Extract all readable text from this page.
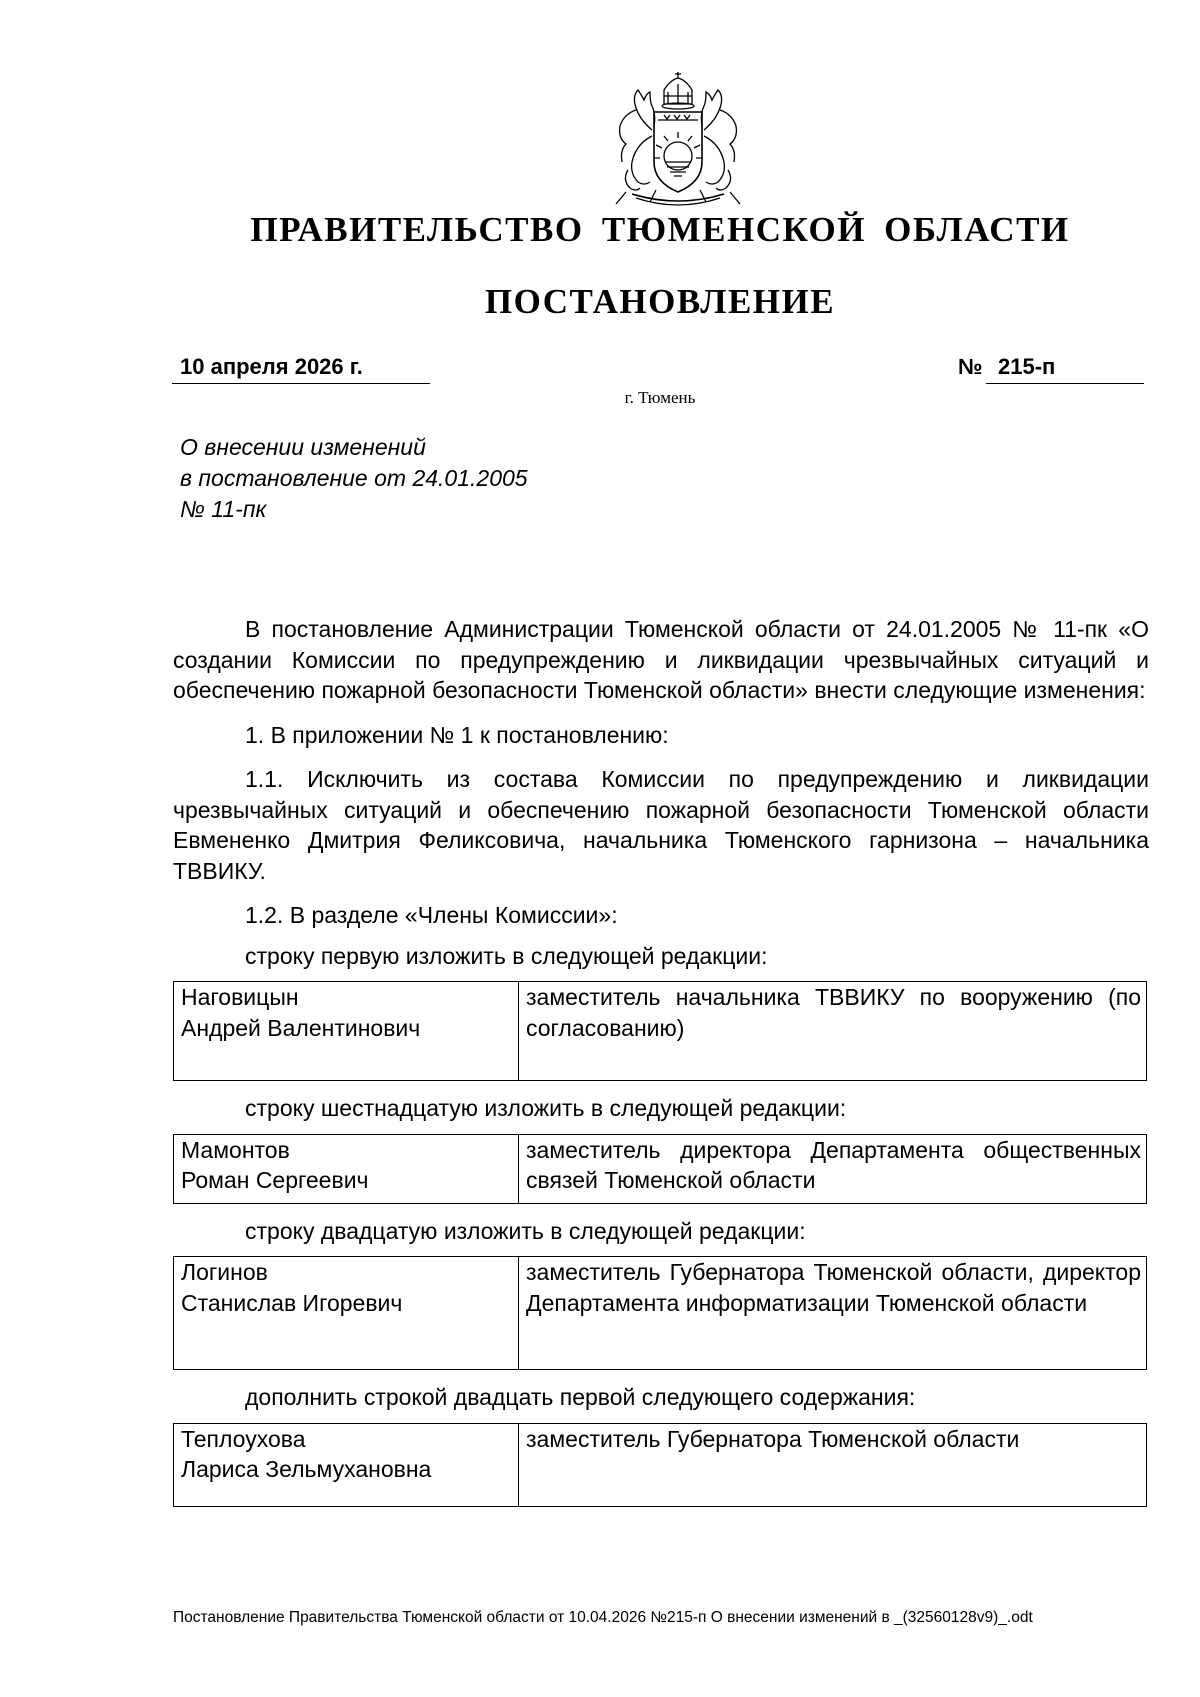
ПРАВИТЕЛЬСТВО ТЮМЕНСКОЙ ОБЛАСТИ
ПОСТАНОВЛЕНИЕ
10 апреля 2026 г.	№ 215-п
г. Тюмень
О внесении изменений
в постановление от 24.01.2005
№ 11-пк

В постановление Администрации Тюменской области от 24.01.2005 № 11-пк «О создании Комиссии по предупреждению и ликвидации чрезвычайных ситуаций и обеспечению пожарной безопасности Тюменской области» внести следующие изменения:

1. В приложении № 1 к постановлению:

1.1. Исключить из состава Комиссии по предупреждению и ликвидации чрезвычайных ситуаций и обеспечению пожарной безопасности Тюменской области Евмененко Дмитрия Феликсовича, начальника Тюменского гарнизона – начальника ТВВИКУ.

1.2. В разделе «Члены Комиссии»:

строку первую изложить в следующей редакции:

Наговицын
Андрей Валентинович
	заместитель начальника ТВВИКУ по вооружению (по согласованию)

строку шестнадцатую изложить в следующей редакции:

Мамонтов
Роман Сергеевич
	заместитель директора Департамента общественных связей Тюменской области

строку двадцатую изложить в следующей редакции:

Логинов
Станислав Игоревич
	заместитель Губернатора Тюменской области, директор Департамента информатизации Тюменской области

дополнить строкой двадцать первой следующего содержания:

Теплоухова
Лариса Зельмухановна
	заместитель Губернатора Тюменской области
Постановление Правительства Тюменской области от 10.04.2026 №215-п О внесении изменений в _(32560128v9)_.odt
